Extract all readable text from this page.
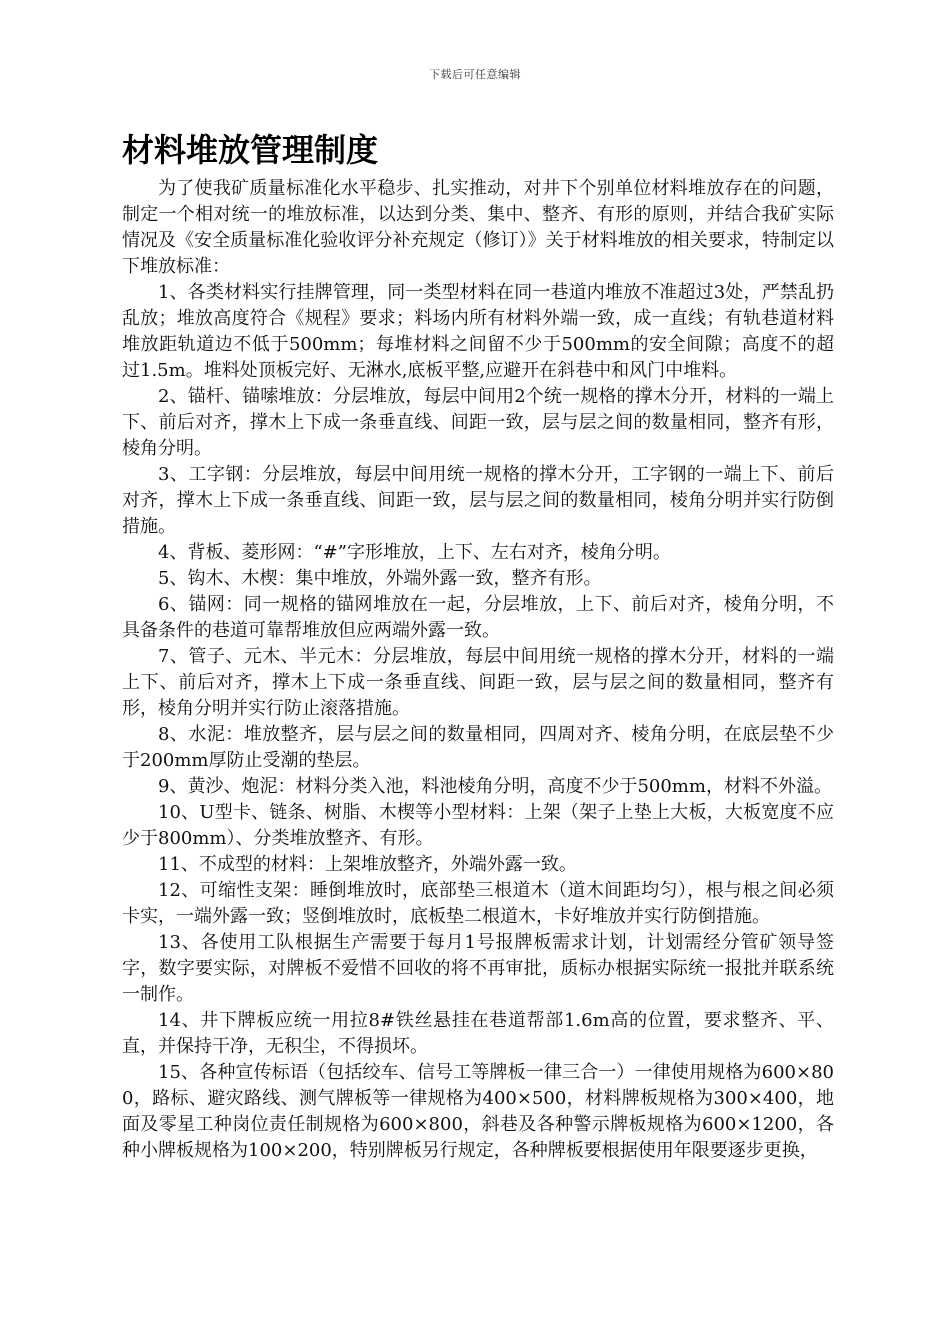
下载后可任意编辑
材料堆放管理制度

为了使我矿质量标准化水平稳步、扎实推动，对井下个别单位材料堆放存在的问题，制定一个相对统一的堆放标准，以达到分类、集中、整齐、有形的原则，并结合我矿实际情况及《安全质量标准化验收评分补充规定（修订）》关于材料堆放的相关要求，特制定以下堆放标准：

1、各类材料实行挂牌管理，同一类型材料在同一巷道内堆放不准超过3处，严禁乱扔乱放；堆放高度符合《规程》要求；料场内所有材料外端一致，成一直线；有轨巷道材料堆放距轨道边不低于500mm；每堆材料之间留不少于500mm的安全间隙；高度不的超过1.5m。堆料处顶板完好、无淋水,底板平整,应避开在斜巷中和风门中堆料。

2、锚杆、锚嗦堆放：分层堆放，每层中间用2个统一规格的撑木分开，材料的一端上下、前后对齐，撑木上下成一条垂直线、间距一致，层与层之间的数量相同，整齐有形，棱角分明。

3、工字钢：分层堆放，每层中间用统一规格的撑木分开，工字钢的一端上下、前后对齐，撑木上下成一条垂直线、间距一致，层与层之间的数量相同，棱角分明并实行防倒措施。

4、背板、菱形网：“#”字形堆放，上下、左右对齐，棱角分明。

5、钩木、木楔：集中堆放，外端外露一致，整齐有形。

6、锚网：同一规格的锚网堆放在一起，分层堆放，上下、前后对齐，棱角分明，不具备条件的巷道可靠帮堆放但应两端外露一致。

7、管子、元木、半元木：分层堆放，每层中间用统一规格的撑木分开，材料的一端上下、前后对齐，撑木上下成一条垂直线、间距一致，层与层之间的数量相同，整齐有形，棱角分明并实行防止滚落措施。

8、水泥：堆放整齐，层与层之间的数量相同，四周对齐、棱角分明，在底层垫不少于200mm厚防止受潮的垫层。

9、黄沙、炮泥：材料分类入池，料池棱角分明，高度不少于500mm，材料不外溢。

10、U型卡、链条、树脂、木楔等小型材料：上架（架子上垫上大板，大板宽度不应少于800mm）、分类堆放整齐、有形。

11、不成型的材料：上架堆放整齐，外端外露一致。

12、可缩性支架：睡倒堆放时，底部垫三根道木（道木间距均匀），根与根之间必须卡实，一端外露一致；竖倒堆放时，底板垫二根道木，卡好堆放并实行防倒措施。

13、各使用工队根据生产需要于每月1号报牌板需求计划，计划需经分管矿领导签字，数字要实际，对牌板不爱惜不回收的将不再审批，质标办根据实际统一报批并联系统一制作。

14、井下牌板应统一用拉8#铁丝悬挂在巷道帮部1.6m高的位置，要求整齐、平、直，并保持干净，无积尘，不得损坏。

15、各种宣传标语（包括绞车、信号工等牌板一律三合一）一律使用规格为600×800，路标、避灾路线、测气牌板等一律规格为400×500，材料牌板规格为300×400，地面及零星工种岗位责任制规格为600×800，斜巷及各种警示牌板规格为600×1200，各种小牌板规格为100×200，特别牌板另行规定，各种牌板要根据使用年限要逐步更换，
